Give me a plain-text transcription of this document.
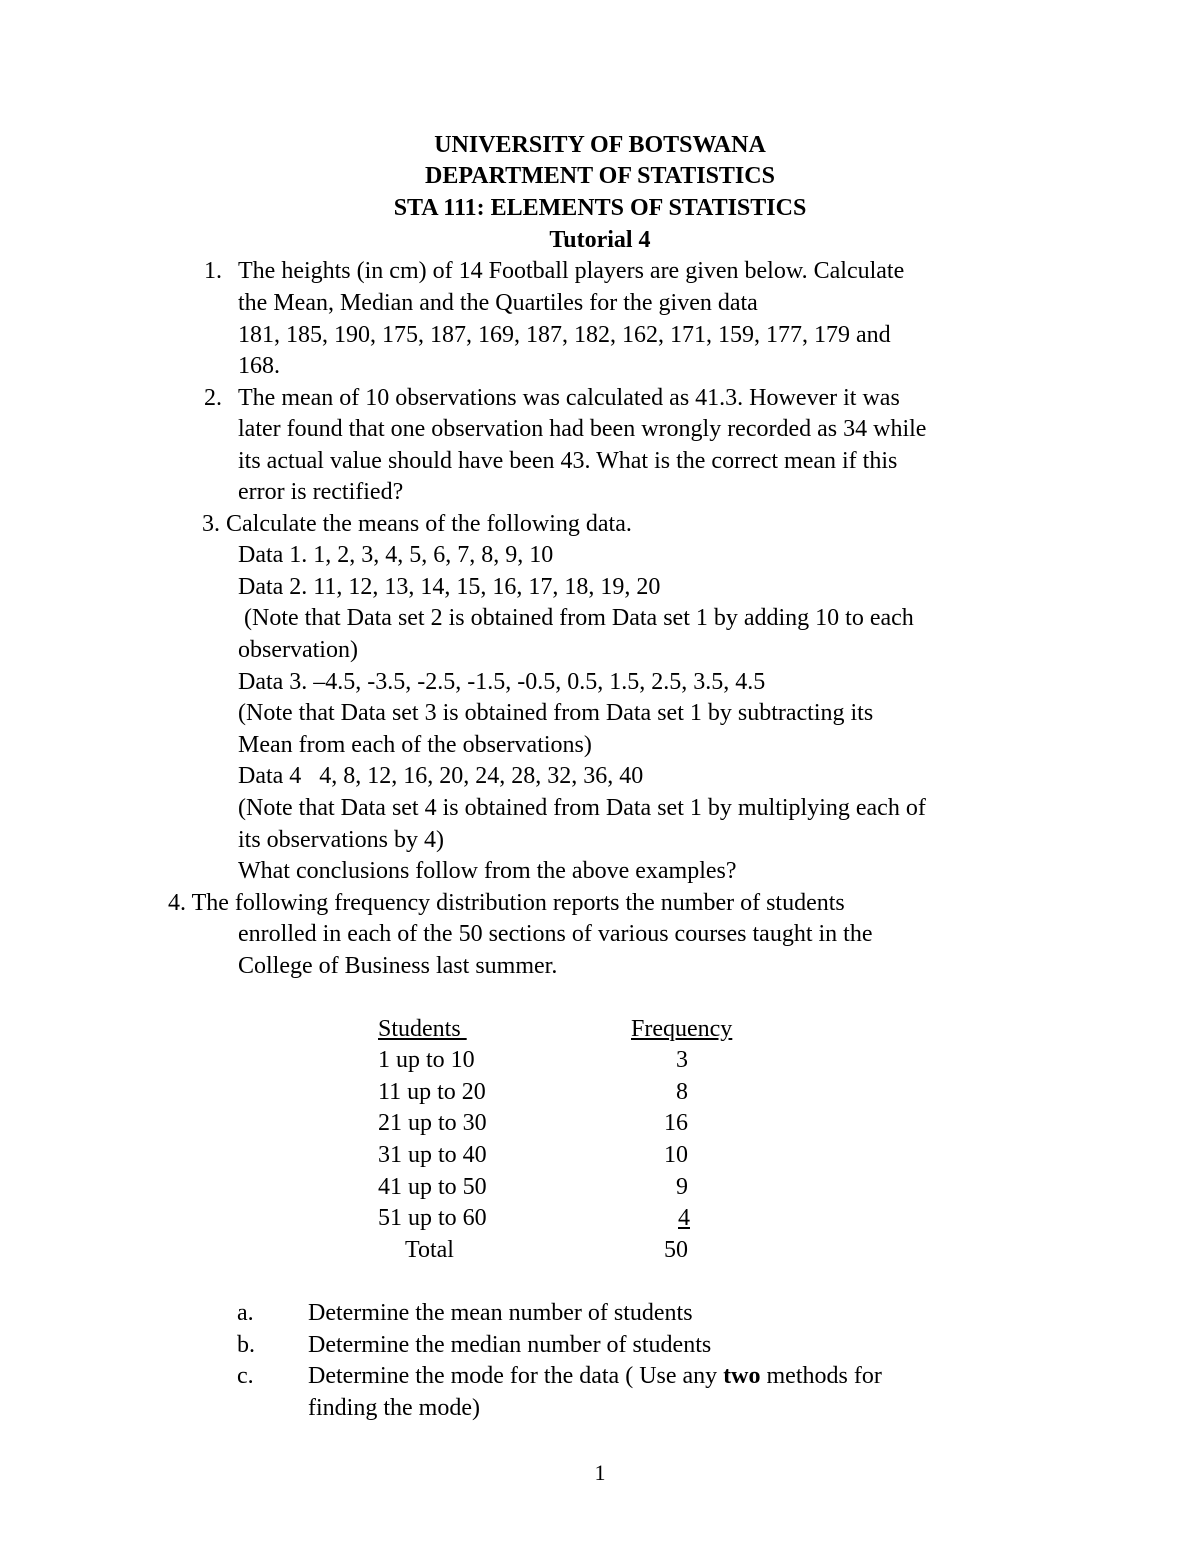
UNIVERSITY OF BOTSWANA
DEPARTMENT OF STATISTICS
STA 111: ELEMENTS OF STATISTICS
Tutorial 4
1. The heights (in cm) of 14 Football players are given below. Calculate
the Mean, Median and the Quartiles for the given data
181, 185, 190, 175, 187, 169, 187, 182, 162, 171, 159, 177, 179 and
168.
2. The mean of 10 observations was calculated as 41.3. However it was
later found that one observation had been wrongly recorded as 34 while
its actual value should have been 43. What is the correct mean if this
error is rectified?
3. Calculate the means of the following data.
Data 1. 1, 2, 3, 4, 5, 6, 7, 8, 9, 10
Data 2. 11, 12, 13, 14, 15, 16, 17, 18, 19, 20
(Note that Data set 2 is obtained from Data set 1 by adding 10 to each
observation)
Data 3. –4.5, -3.5, -2.5, -1.5, -0.5, 0.5, 1.5, 2.5, 3.5, 4.5
(Note that Data set 3 is obtained from Data set 1 by subtracting its
Mean from each of the observations)
Data 4   4, 8, 12, 16, 20, 24, 28, 32, 36, 40
(Note that Data set 4 is obtained from Data set 1 by multiplying each of
its observations by 4)
What conclusions follow from the above examples?
4. The following frequency distribution reports the number of students
enrolled in each of the 50 sections of various courses taught in the
College of Business last summer.
Students	Frequency
1 up to 10	3
11 up to 20	8
21 up to 30	16
31 up to 40	10
41 up to 50	9
51 up to 60	4
Total	50
a. Determine the mean number of students
b. Determine the median number of students
c. Determine the mode for the data ( Use any two methods for
finding the mode)
1
